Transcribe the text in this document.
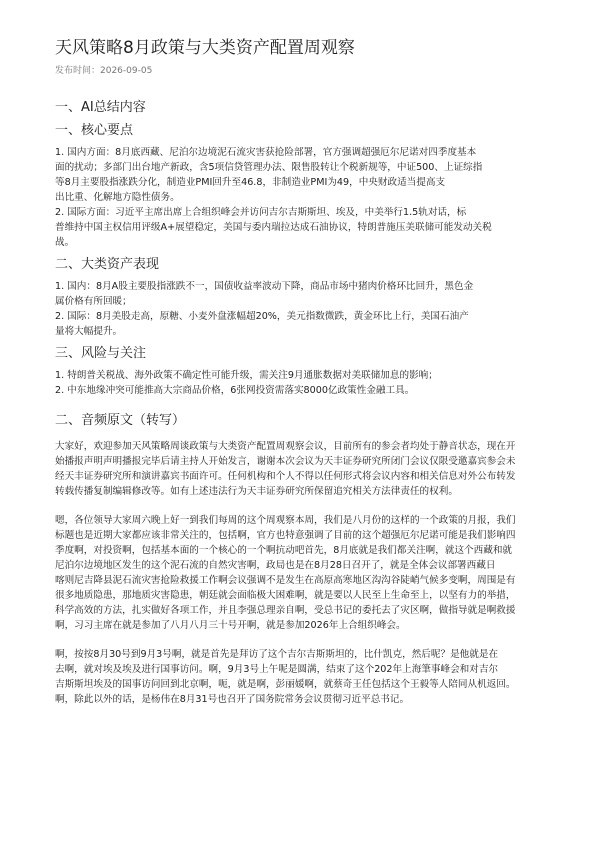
天风策略8月政策与大类资产配置周观察
发布时间：2026-09-05
一、AI总结内容
一、核心要点

1. 国内方面：8月底西藏、尼泊尔边境泥石流灾害获抢险部署，官方强调超强厄尔尼诺对四季度基本

面的扰动；多部门出台地产新政，含5项信贷管理办法、限售股转让个税新规等，中证500、上证综指

等8月主要股指涨跌分化，制造业PMI回升至46.8，非制造业PMI为49，中央财政适当提高支

出比重、化解地方隐性债务。

2. 国际方面：习近平主席出席上合组织峰会并访问吉尔吉斯斯坦、埃及，中美举行1.5轨对话，标

普维持中国主权信用评级A+展望稳定，美国与委内瑞拉达成石油协议，特朗普施压美联储可能发动关税

战。

二、大类资产表现

1. 国内：8月A股主要股指涨跌不一，国债收益率波动下降，商品市场中猪肉价格环比回升，黑色金

属价格有所回暖；

2. 国际：8月美股走高，原糖、小麦外盘涨幅超20%，美元指数微跌，黄金环比上行，美国石油产

量将大幅提升。

三、风险与关注

1. 特朗普关税战、海外政策不确定性可能升级，需关注9月通胀数据对美联储加息的影响；

2. 中东地缘冲突可能推高大宗商品价格，6张网投资需落实8000亿政策性金融工具。

二、音频原文（转写）

大家好，欢迎参加天风策略周谈政策与大类资产配置周观察会议，目前所有的参会者均处于静音状态，现在开

始播报声明声明播报完毕后请主持人开始发言，谢谢本次会议为天丰证券研究所闭门会议仅限受邀嘉宾参会未

经天丰证券研究所和演讲嘉宾书面许可。任何机构和个人不得以任何形式将会议内容和相关信息对外公布转发

转载传播复制编辑修改等。如有上述违法行为天丰证券研究所保留追究相关方法律责任的权利。

嗯，各位领导大家周六晚上好一到我们每周的这个周观察本周，我们是八月份的这样的一个政策的月报，我们

标题也是近期大家都应该非常关注的，包括啊，官方也特意强调了目前的这个超强厄尔尼诺可能是我们影响四

季度啊，对投资啊，包括基本面的一个核心的一个啊抗动吧首先，8月底就是我们都关注啊，就这个西藏和就

尼泊尔边境地区发生的这个泥石流的自然灾害啊，政局也是在8月28日召开了，就是全体会议部署西藏日

喀则尼吉降县泥石流灾害抢险救援工作啊会议强调不是发生在高原高寒地区沟沟谷陡峭气候多变啊，周围是有

很多地质隐患，那地质灾害隐患，朝廷就会面临极大困难啊，就是要以人民至上生命至上，以坚有力的举措，

科学高效的方法，扎实做好各项工作，并且李强总理亲自啊，受总书记的委托去了灾区啊，做指导就是啊救援

啊，习习主席在就是参加了八月八月三十号开啊，就是参加2026年上合组织峰会。

啊，按按8月30号到9月3号啊，就是首先是拜访了这个吉尔吉斯斯坦的，比什凯克，然后呢？是他就是在

去啊，就对埃及埃及进行国事访问。啊，9月3号上午呢是圆满，结束了这个202年上海筆事峰会和对吉尔

吉斯斯坦埃及的国事访问回到北京啊，呃，就是啊，彭丽媛啊，就蔡奇王任包括这个王毅等人陪同从机返回。

啊，除此以外的话，是杨伟在8月31号也召开了国务院常务会议贯彻习近平总书记。
